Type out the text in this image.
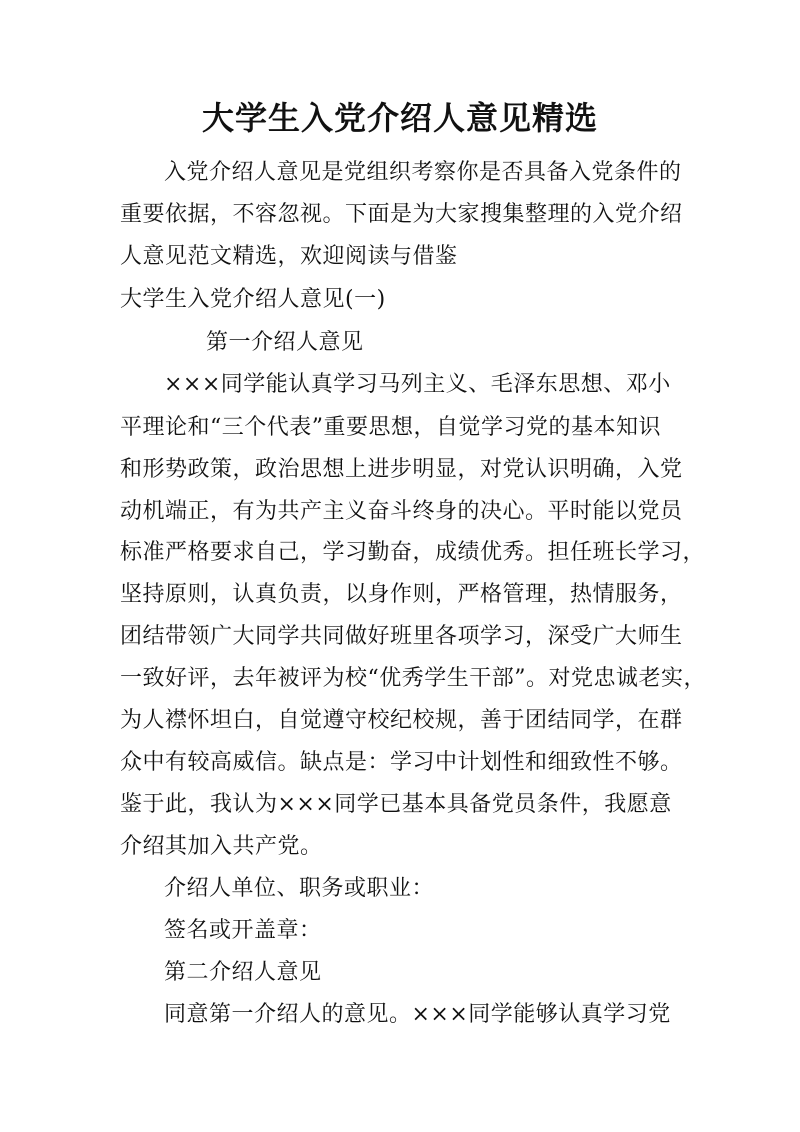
大学生入党介绍人意见精选
入党介绍人意见是党组织考察你是否具备入党条件的
重要依据，不容忽视。下面是为大家搜集整理的入党介绍
人意见范文精选，欢迎阅读与借鉴
大学生入党介绍人意见(一)
第一介绍人意见
×××同学能认真学习马列主义、毛泽东思想、邓小
平理论和“三个代表”重要思想，自觉学习党的基本知识
和形势政策，政治思想上进步明显，对党认识明确，入党
动机端正，有为共产主义奋斗终身的决心。平时能以党员
标准严格要求自己，学习勤奋，成绩优秀。担任班长学习，
坚持原则，认真负责，以身作则，严格管理，热情服务，
团结带领广大同学共同做好班里各项学习，深受广大师生
一致好评，去年被评为校“优秀学生干部”。对党忠诚老实，
为人襟怀坦白，自觉遵守校纪校规，善于团结同学，在群
众中有较高威信。缺点是：学习中计划性和细致性不够。
鉴于此，我认为×××同学已基本具备党员条件，我愿意
介绍其加入共产党。
介绍人单位、职务或职业：
签名或开盖章：
第二介绍人意见
同意第一介绍人的意见。×××同学能够认真学习党
